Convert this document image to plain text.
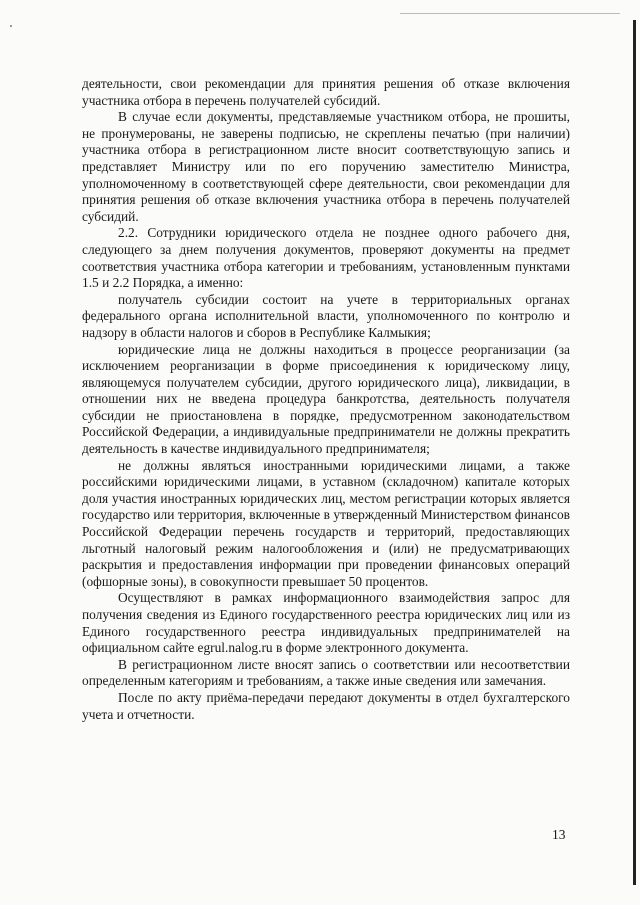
деятельности, свои рекомендации для принятия решения об отказе включения участника отбора в перечень получателей субсидий.

В случае если документы, представляемые участником отбора, не прошиты, не пронумерованы, не заверены подписью, не скреплены печатью (при наличии) участника отбора в регистрационном листе вносит соответствующую запись и представляет Министру или по его поручению заместителю Министра, уполномоченному в соответствующей сфере деятельности, свои рекомендации для принятия решения об отказе включения участника отбора в перечень получателей субсидий.

2.2. Сотрудники юридического отдела не позднее одного рабочего дня, следующего за днем получения документов, проверяют документы на предмет соответствия участника отбора категории и требованиям, установленным пунктами 1.5 и 2.2 Порядка, а именно:

получатель субсидии состоит на учете в территориальных органах федерального органа исполнительной власти, уполномоченного по контролю и надзору в области налогов и сборов в Республике Калмыкия;

юридические лица не должны находиться в процессе реорганизации (за исключением реорганизации в форме присоединения к юридическому лицу, являющемуся получателем субсидии, другого юридического лица), ликвидации, в отношении них не введена процедура банкротства, деятельность получателя субсидии не приостановлена в порядке, предусмотренном законодательством Российской Федерации, а индивидуальные предприниматели не должны прекратить деятельность в качестве индивидуального предпринимателя;

не должны являться иностранными юридическими лицами, а также российскими юридическими лицами, в уставном (складочном) капитале которых доля участия иностранных юридических лиц, местом регистрации которых является государство или территория, включенные в утвержденный Министерством финансов Российской Федерации перечень государств и территорий, предоставляющих льготный налоговый режим налогообложения и (или) не предусматривающих раскрытия и предоставления информации при проведении финансовых операций (офшорные зоны), в совокупности превышает 50 процентов.

Осуществляют в рамках информационного взаимодействия запрос для получения сведения из Единого государственного реестра юридических лиц или из Единого государственного реестра индивидуальных предпринимателей на официальном сайте egrul.nalog.ru в форме электронного документа.

В регистрационном листе вносят запись о соответствии или несоответствии определенным категориям и требованиям, а также иные сведения или замечания.

После по акту приёма-передачи передают документы в отдел бухгалтерского учета и отчетности.

13
